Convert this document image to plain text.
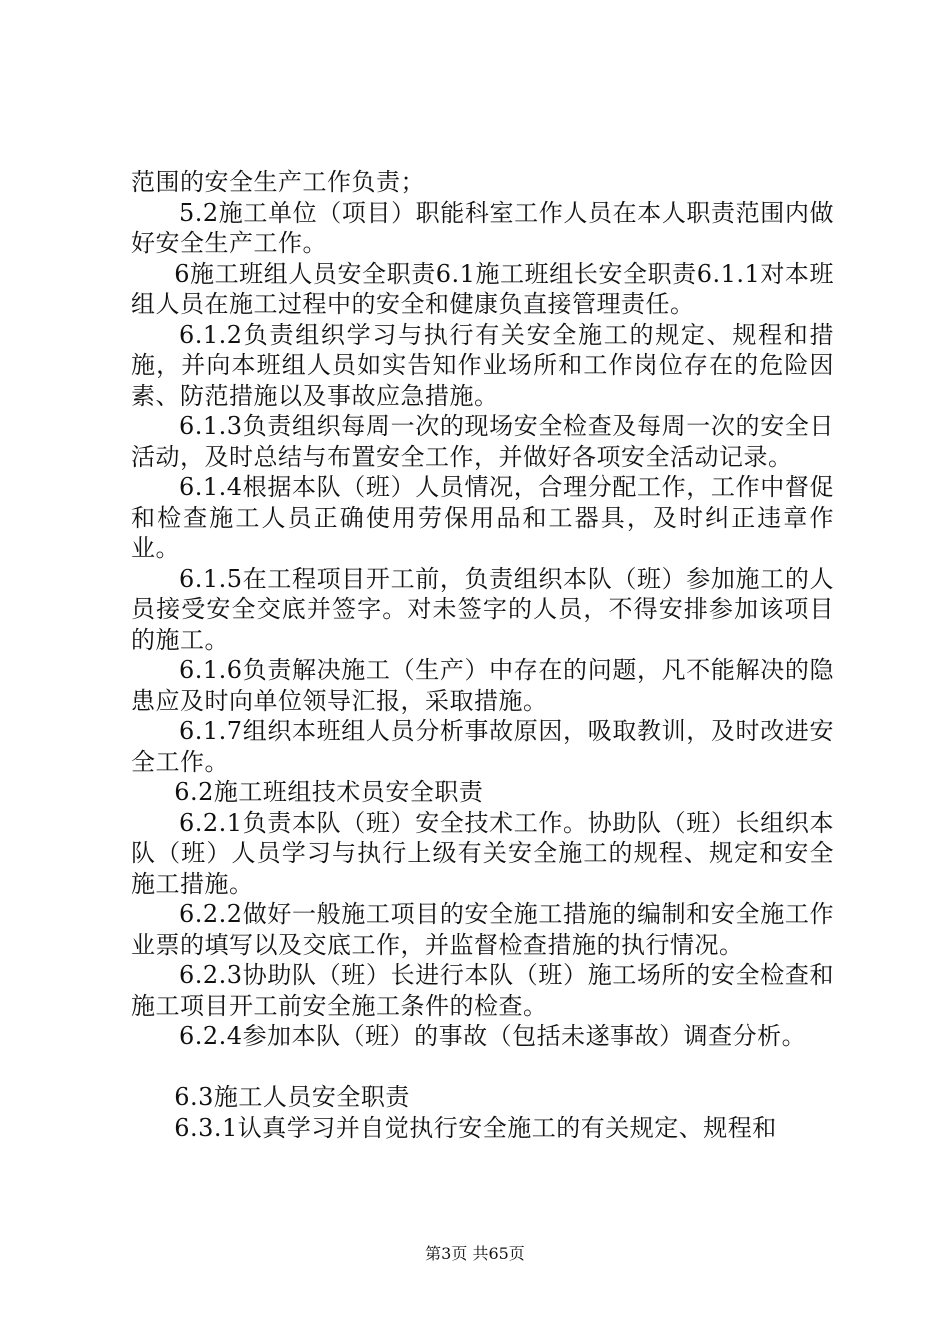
范围的安全生产工作负责；

5.2施工单位（项目）职能科室工作人员在本人职责范围内做好安全生产工作。

6施工班组人员安全职责6.1施工班组长安全职责6.1.1对本班组人员在施工过程中的安全和健康负直接管理责任。

6.1.2负责组织学习与执行有关安全施工的规定、规程和措施，并向本班组人员如实告知作业场所和工作岗位存在的危险因素、防范措施以及事故应急措施。

6.1.3负责组织每周一次的现场安全检查及每周一次的安全日活动，及时总结与布置安全工作，并做好各项安全活动记录。

6.1.4根据本队（班）人员情况，合理分配工作，工作中督促和检查施工人员正确使用劳保用品和工器具，及时纠正违章作业。

6.1.5在工程项目开工前，负责组织本队（班）参加施工的人员接受安全交底并签字。对未签字的人员，不得安排参加该项目的施工。

6.1.6负责解决施工（生产）中存在的问题，凡不能解决的隐患应及时向单位领导汇报，采取措施。

6.1.7组织本班组人员分析事故原因，吸取教训，及时改进安全工作。

6.2施工班组技术员安全职责

6.2.1负责本队（班）安全技术工作。协助队（班）长组织本队（班）人员学习与执行上级有关安全施工的规程、规定和安全施工措施。

6.2.2做好一般施工项目的安全施工措施的编制和安全施工作业票的填写以及交底工作，并监督检查措施的执行情况。

6.2.3协助队（班）长进行本队（班）施工场所的安全检查和施工项目开工前安全施工条件的检查。

6.2.4参加本队（班）的事故（包括未遂事故）调查分析。

6.3施工人员安全职责

6.3.1认真学习并自觉执行安全施工的有关规定、规程和

第3页 共65页
